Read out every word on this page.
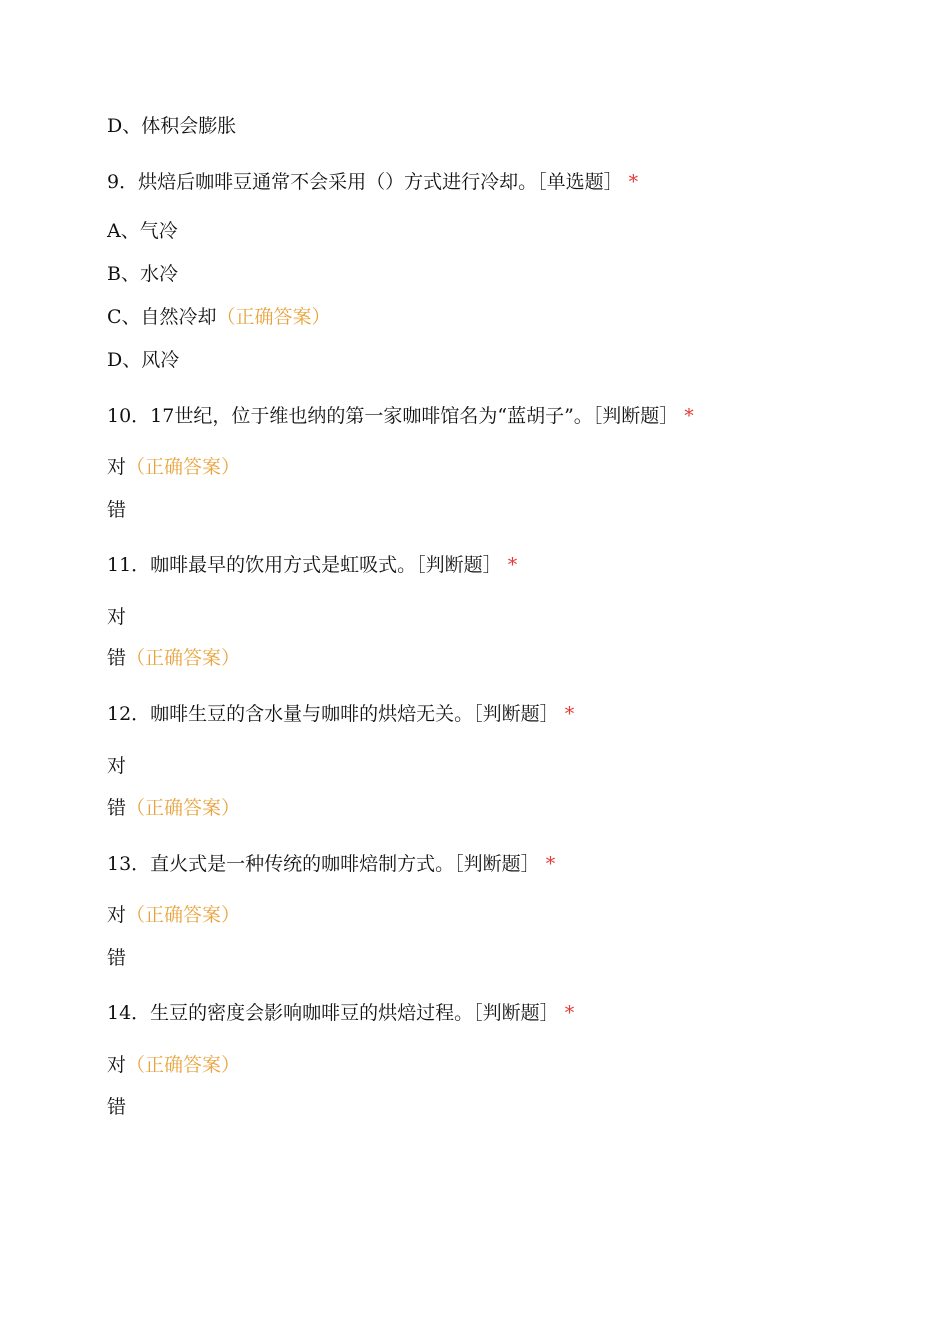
D、体积会膨胀
9．烘焙后咖啡豆通常不会采用（）方式进行冷却。［单选题］ *
A、气冷
B、水冷
C、自然冷却（正确答案）
D、风冷
10．17世纪，位于维也纳的第一家咖啡馆名为“蓝胡子”。［判断题］ *
对（正确答案）
错
11．咖啡最早的饮用方式是虹吸式。［判断题］ *
对
错（正确答案）
12．咖啡生豆的含水量与咖啡的烘焙无关。［判断题］ *
对
错（正确答案）
13．直火式是一种传统的咖啡焙制方式。［判断题］ *
对（正确答案）
错
14．生豆的密度会影响咖啡豆的烘焙过程。［判断题］ *
对（正确答案）
错
